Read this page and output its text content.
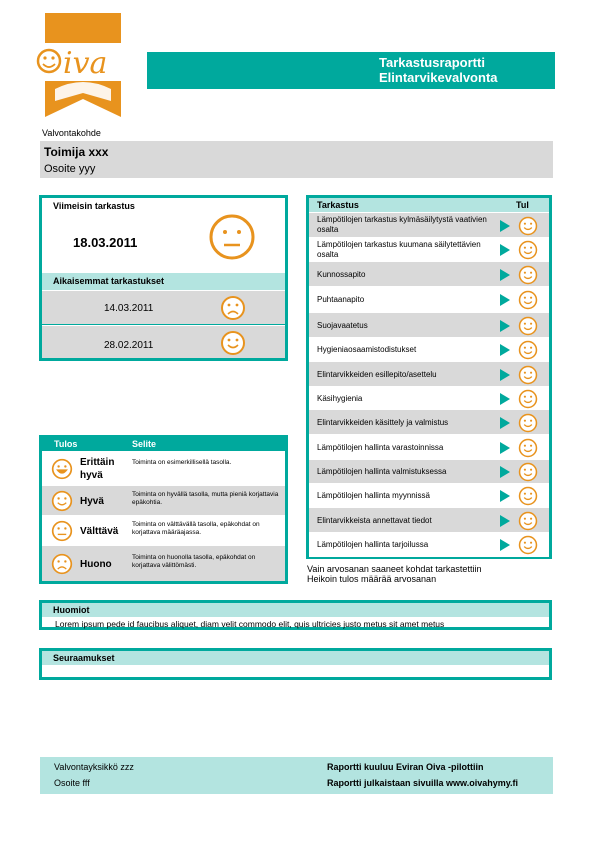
iva	Tarkastusraportti
Elintarvikevalvonta
Valvontakohde
Toimija xxx
Osoite yyy
Viimeisin tarkastus
18.03.2011
Aikaisemmat tarkastukset
14.03.2011
28.02.2011
Tarkastus	Tul
Lämpötilojen tarkastus kylmäsäilytystä vaativien osalta
Lämpötilojen tarkastus kuumana säilytettävien osalta
Kunnossapito
Puhtaanapito
Suojavaatetus
Hygieniaosaamistodistukset
Elintarvikkeiden esillepito/asettelu
Käsihygienia
Elintarvikkeiden käsittely ja valmistus
Lämpötilojen hallinta varastoinnissa
Lämpötilojen hallinta valmistuksessa
Lämpötilojen hallinta myynnissä
Elintarvikkeista annettavat tiedot
Lämpötilojen hallinta tarjoilussa
Vain arvosanan saaneet kohdat tarkastettiin
Heikoin tulos määrää arvosanan
Tulos	Selite
Erittäin hyvä
Toiminta on esimerkillisellä tasolla.
Hyvä
Toiminta on hyvällä tasolla, mutta pieniä korjattavia epäkohtia.
Välttävä
Toiminta on välttävällä tasolla, epäkohdat on korjattava määräajassa.
Huono
Toiminta on huonolla tasolla, epäkohdat on korjattava välittömästi.
Huomiot
Lorem ipsum pede id faucibus aliquet, diam velit commodo elit, quis ultricies justo metus sit amet metus
Seuraamukset
Valvontayksikkö zzz
Osoite fff
Raportti kuuluu Eviran Oiva -pilottiin
Raportti julkaistaan sivuilla www.oivahymy.fi
